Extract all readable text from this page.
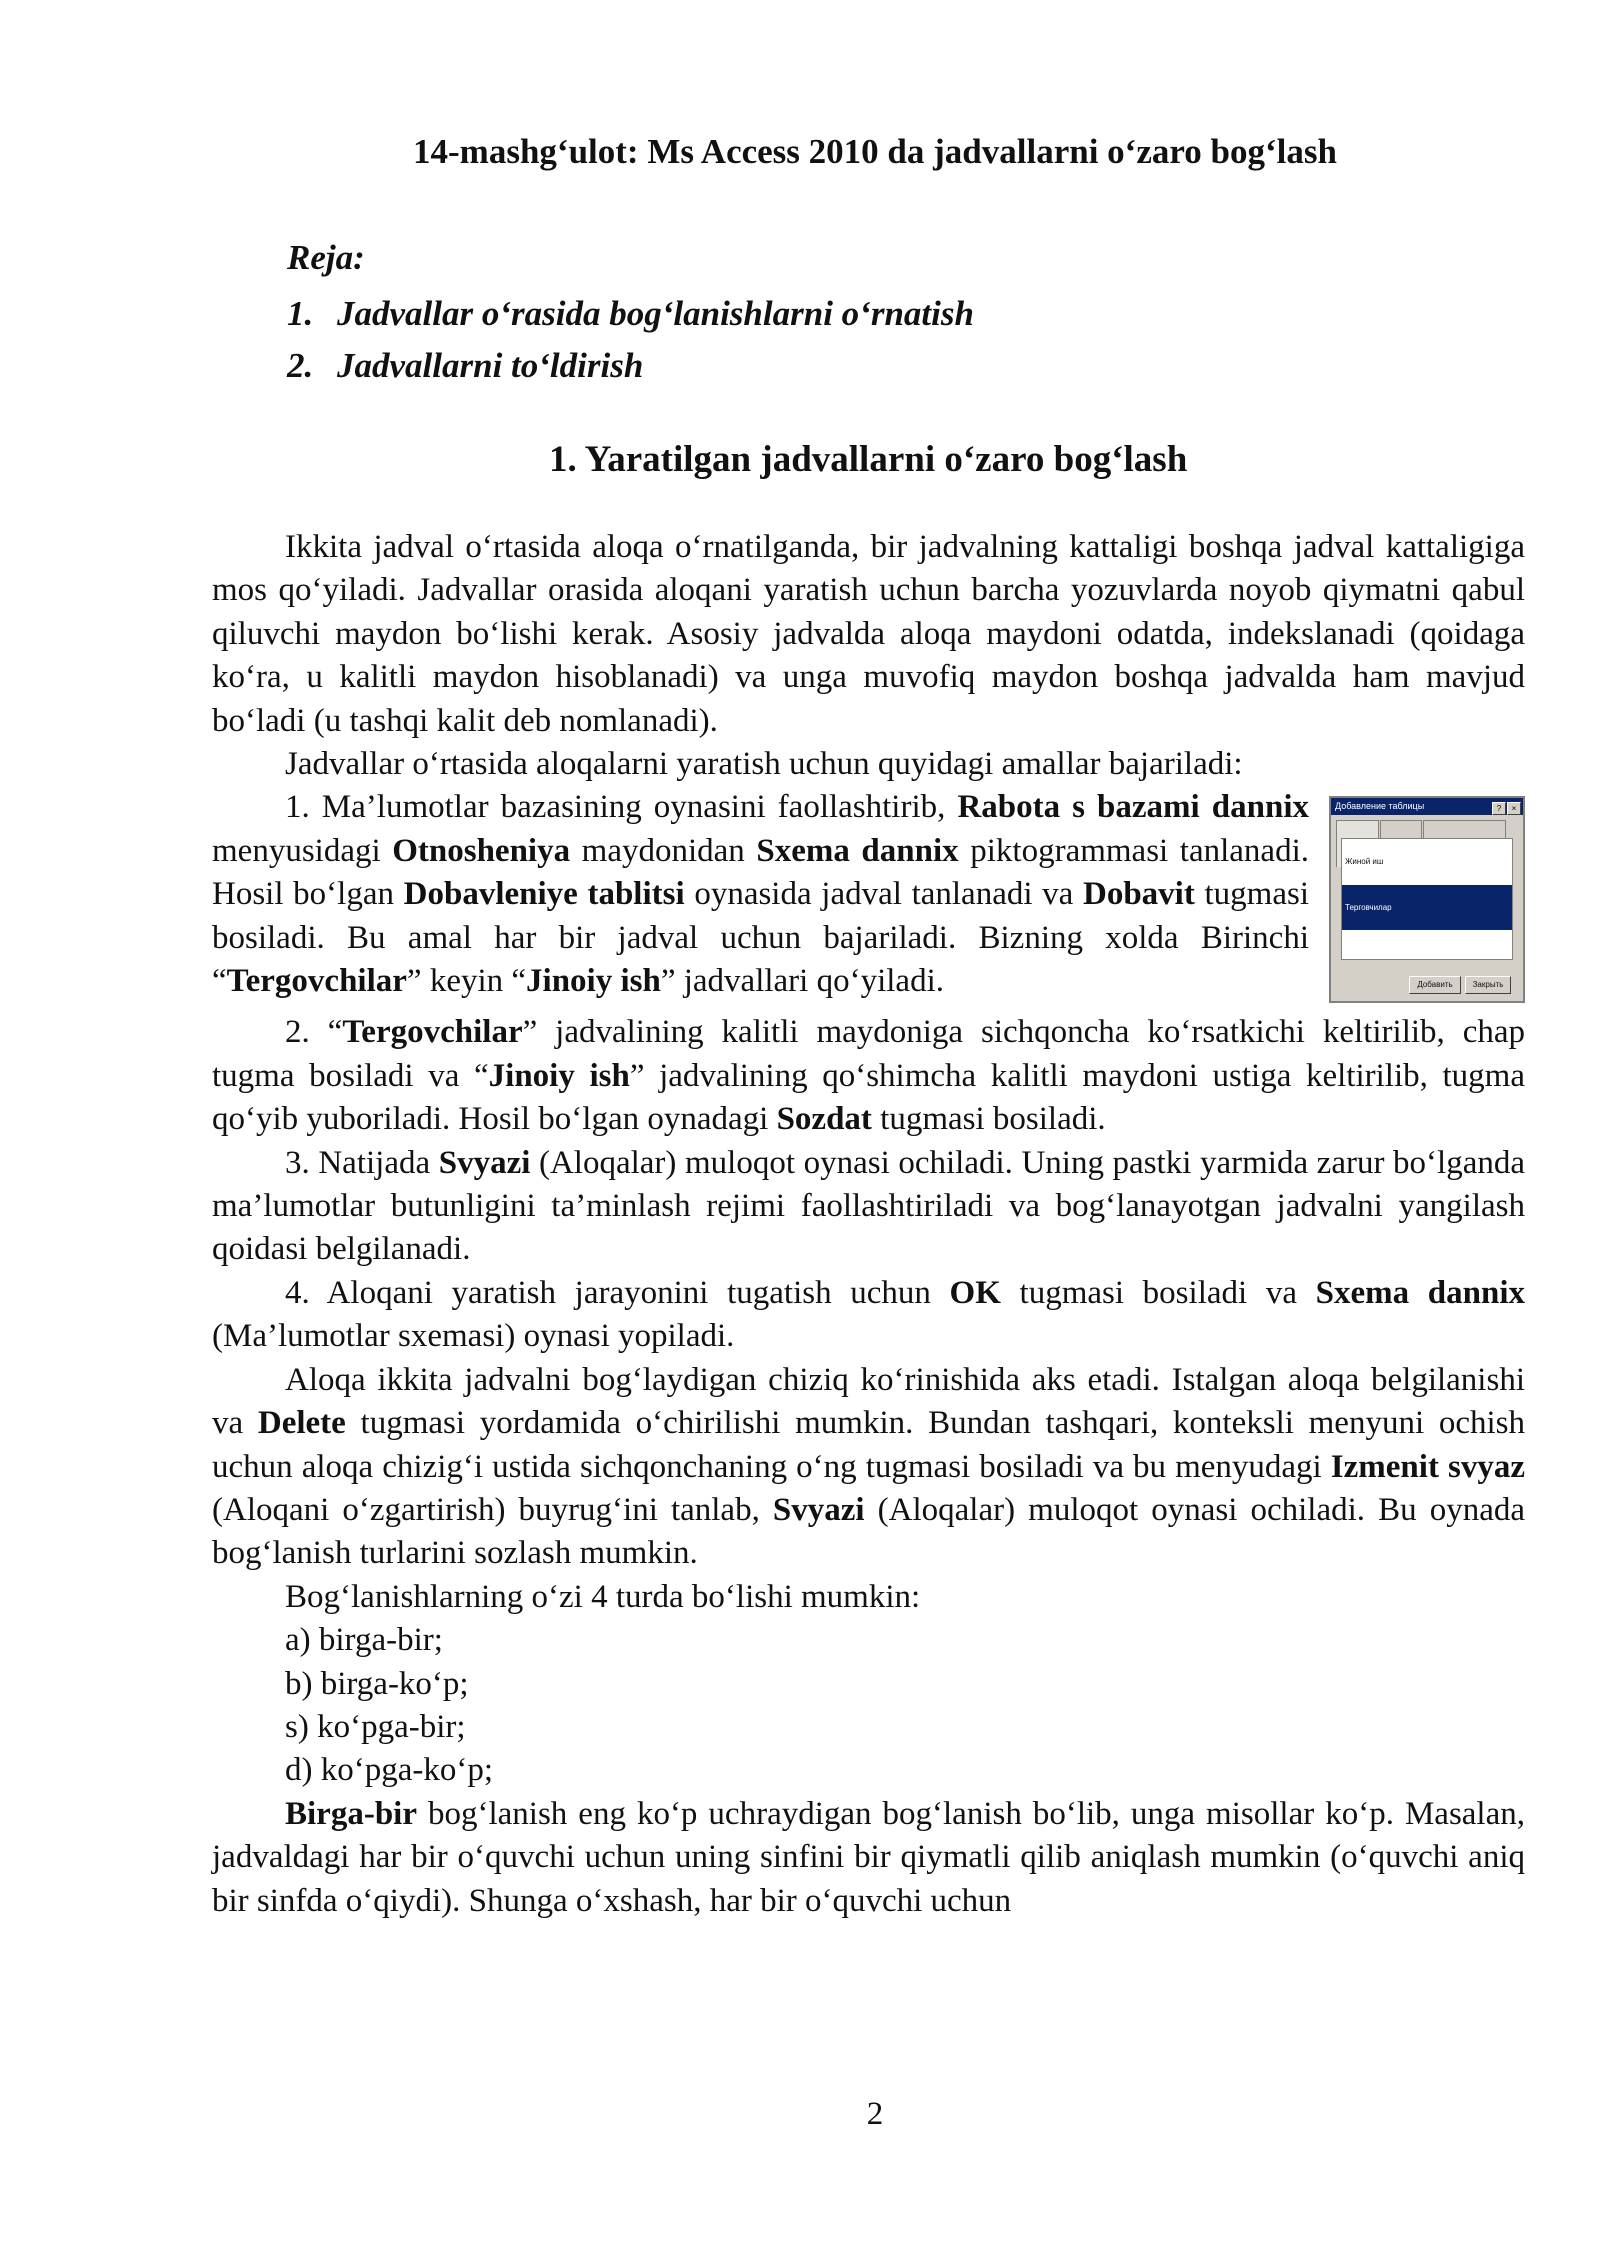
14-mashg‘ulot: Ms Access 2010 da jadvallarni o‘zaro bog‘lash
Reja:
1. Jadvallar o‘rasida bog‘lanishlarni o‘rnatish
2. Jadvallarni to‘ldirish
1. Yaratilgan jadvallarni o‘zaro bog‘lash

Ikkita jadval o‘rtasida aloqa o‘rnatilganda, bir jadvalning kattaligi boshqa jadval kattaligiga mos qo‘yiladi. Jadvallar orasida aloqani yaratish uchun barcha yozuvlarda noyob qiymatni qabul qiluvchi maydon bo‘lishi kerak. Asosiy jadvalda aloqa maydoni odatda, indekslanadi (qoidaga ko‘ra, u kalitli maydon hisoblanadi) va unga muvofiq maydon boshqa jadvalda ham mavjud bo‘ladi (u tashqi kalit deb nomlanadi).

Jadvallar o‘rtasida aloqalarni yaratish uchun quyidagi amallar bajariladi:

Добавление таблицы	? ×
Жиной иш
Терговчилар
Добавить	Закрыть

1. Ma’lumotlar bazasining oynasini faollashtirib, Rabota s bazami dannix menyusidagi Otnosheniya maydonidan Sxema dannix piktogrammasi tanlanadi. Hosil bo‘lgan Dobavleniye tablitsi oynasida jadval tanlanadi va Dobavit tugmasi bosiladi. Bu amal har bir jadval uchun bajariladi. Bizning xolda Birinchi “Tergovchilar” keyin “Jinoiy ish” jadvallari qo‘yiladi.

2. “Tergovchilar” jadvalining kalitli maydoniga sichqoncha ko‘rsatkichi keltirilib, chap tugma bosiladi va “Jinoiy ish” jadvalining qo‘shimcha kalitli maydoni ustiga keltirilib, tugma qo‘yib yuboriladi. Hosil bo‘lgan oynadagi Sozdat tugmasi bosiladi.

3. Natijada Svyazi (Aloqalar) muloqot oynasi ochiladi. Uning pastki yarmida zarur bo‘lganda ma’lumotlar butunligini ta’minlash rejimi faollashtiriladi va bog‘lanayotgan jadvalni yangilash qoidasi belgilanadi.

4. Aloqani yaratish jarayonini tugatish uchun OK tugmasi bosiladi va Sxema dannix (Ma’lumotlar sxemasi) oynasi yopiladi.

Aloqa ikkita jadvalni bog‘laydigan chiziq ko‘rinishida aks etadi. Istalgan aloqa belgilanishi va Delete tugmasi yordamida o‘chirilishi mumkin. Bundan tashqari, konteksli menyuni ochish uchun aloqa chizig‘i ustida sichqonchaning o‘ng tugmasi bosiladi va bu menyudagi Izmenit svyaz (Aloqani o‘zgartirish) buyrug‘ini tanlab, Svyazi (Aloqalar) muloqot oynasi ochiladi. Bu oynada bog‘lanish turlarini sozlash mumkin.

Bog‘lanishlarning o‘zi 4 turda bo‘lishi mumkin:

a) birga-bir;
b) birga-ko‘p;
s) ko‘pga-bir;
d) ko‘pga-ko‘p;

Birga-bir bog‘lanish eng ko‘p uchraydigan bog‘lanish bo‘lib, unga misollar ko‘p. Masalan, jadvaldagi har bir o‘quvchi uchun uning sinfini bir qiymatli qilib aniqlash mumkin (o‘quvchi aniq bir sinfda o‘qiydi). Shunga o‘xshash, har bir o‘quvchi uchun

2
